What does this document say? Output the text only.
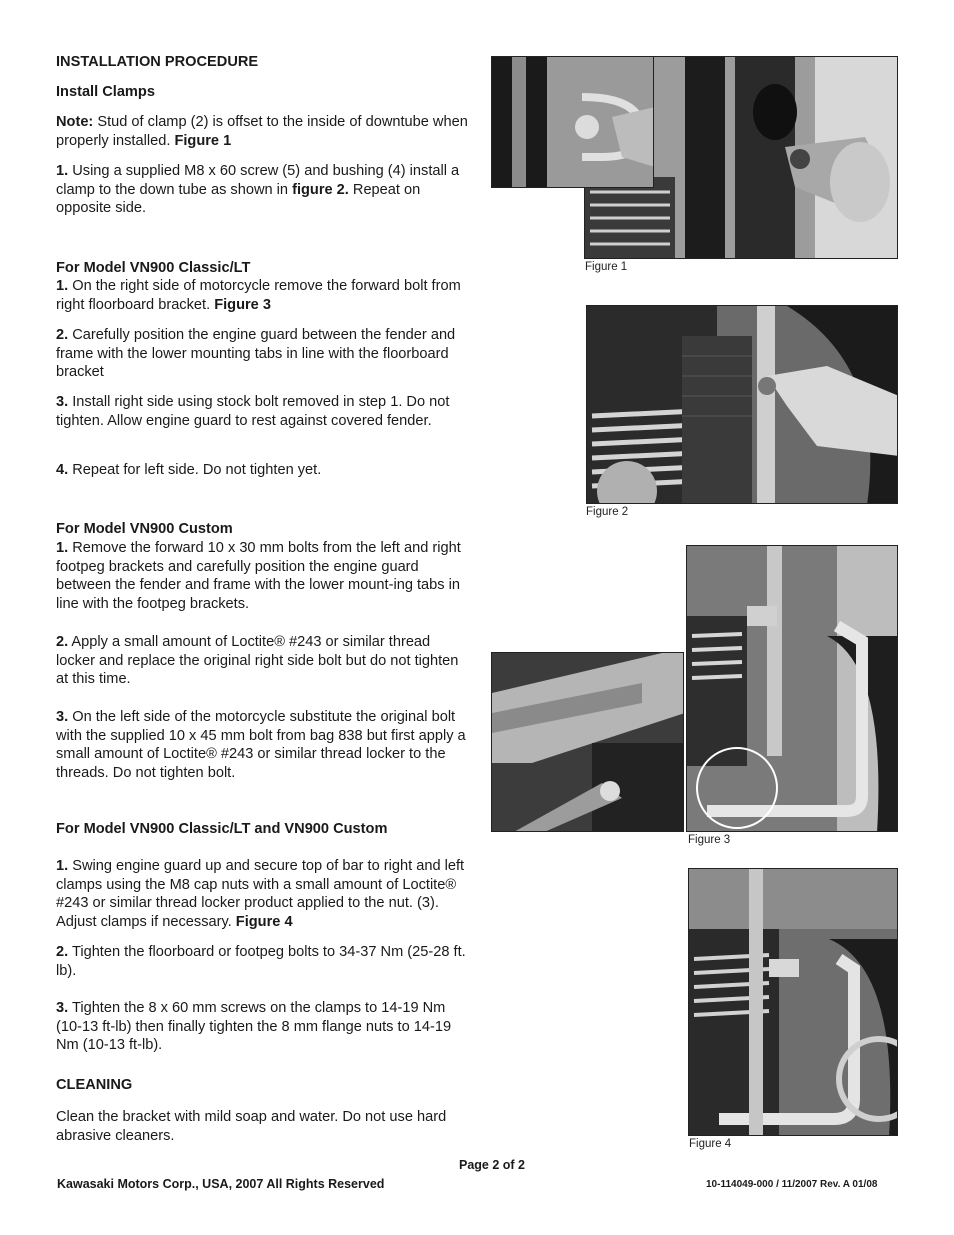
INSTALLATION PROCEDURE
Install Clamps
Note: Stud of clamp (2) is offset to the inside of downtube when properly installed. Figure 1
1. Using a supplied M8 x 60 screw (5) and bushing (4) install a clamp to the down tube as shown in figure 2. Repeat on opposite side.
For Model VN900 Classic/LT
1. On the right side of motorcycle remove the forward bolt from right floorboard bracket. Figure 3
2. Carefully position the engine guard between the fender and frame with the lower mounting tabs in line with the floorboard bracket
3. Install right side using stock bolt removed in step 1. Do not tighten. Allow engine guard to rest against covered fender.
4. Repeat for left side. Do not tighten yet.
For Model VN900 Custom
1. Remove the forward 10 x 30 mm bolts from the left and right footpeg brackets and carefully position the engine guard between the fender and frame with the lower mount-ing tabs in line with the footpeg brackets.
2. Apply a small amount of Loctite® #243 or similar thread locker and replace the original right side bolt but do not tighten at this time.
3. On the left side of the motorcycle substitute the original bolt with the supplied 10 x 45 mm bolt from bag 838 but first apply a small amount of Loctite® #243 or similar thread locker to the threads. Do not tighten bolt.
For Model VN900 Classic/LT and VN900 Custom
1. Swing engine guard up and secure top of bar to right and left clamps using the M8 cap nuts with a small amount of Loctite® #243 or similar thread locker product applied to the nut. (3). Adjust clamps if necessary. Figure 4
2. Tighten the floorboard or footpeg bolts to 34-37 Nm (25-28 ft. lb).
3. Tighten the 8 x 60 mm screws on the clamps to 14-19 Nm (10-13 ft-lb) then finally tighten the 8 mm flange nuts to 14-19 Nm (10-13 ft-lb).
CLEANING
Clean the bracket with mild soap and water. Do not use hard abrasive cleaners.
Figure 1
Figure 2
Figure 3
Figure 4
Page 2 of 2
Kawasaki Motors Corp., USA, 2007 All Rights Reserved	10-114049-000 / 11/2007 Rev. A 01/08
